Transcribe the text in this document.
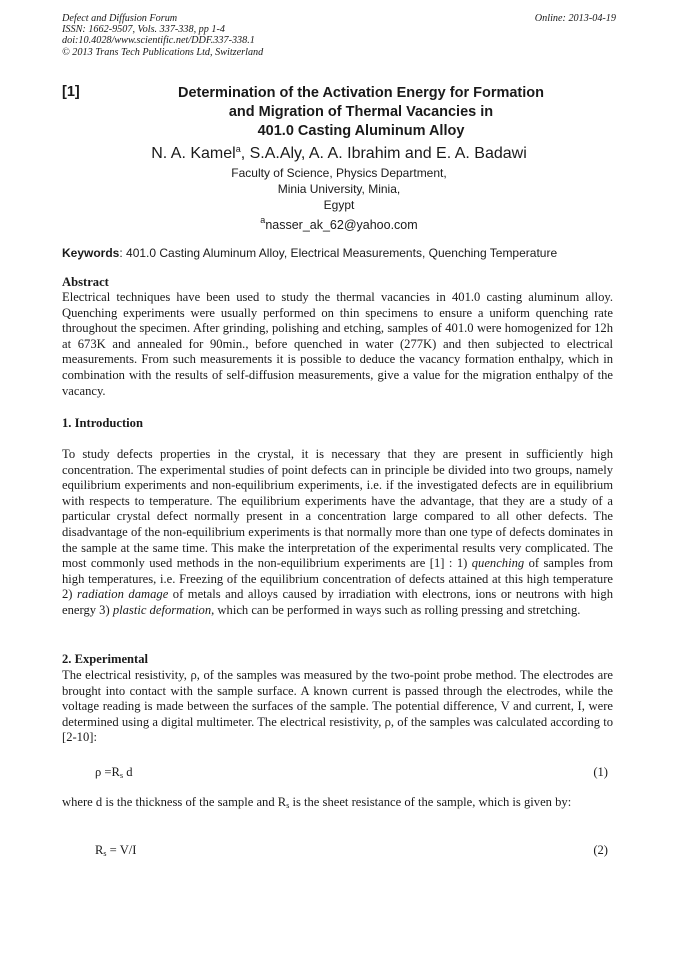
Defect and Diffusion Forum
ISSN: 1662-9507, Vols. 337-338, pp 1-4
doi:10.4028/www.scientific.net/DDF.337-338.1
© 2013 Trans Tech Publications Ltd, Switzerland
Online: 2013-04-19
[1]	Determination of the Activation Energy for Formation
and Migration of Thermal Vacancies in
401.0 Casting Aluminum Alloy
N. A. Kamel$^a$, S.A.Aly, A. A. Ibrahim and E. A. Badawi
Faculty of Science, Physics Department,
Minia University, Minia,
Egypt
$^a$nasser_ak_62@yahoo.com
Keywords: 401.0 Casting Aluminum Alloy, Electrical Measurements, Quenching Temperature
Abstract
Electrical techniques have been used to study the thermal vacancies in 401.0 casting aluminum alloy. Quenching experiments were usually performed on thin specimens to ensure a uniform quenching rate throughout the specimen. After grinding, polishing and etching, samples of 401.0 were homogenized for 12h at 673K and annealed for 90min., before quenched in water (277K) and then subjected to electrical measurements. From such measurements it is possible to deduce the vacancy formation enthalpy, which in combination with the results of self-diffusion measurements, give a value for the migration enthalpy of the vacancy.
1. Introduction
To study defects properties in the crystal, it is necessary that they are present in sufficiently high concentration. The experimental studies of point defects can in principle be divided into two groups, namely equilibrium experiments and non-equilibrium experiments, i.e. if the investigated defects are in equilibrium with respects to temperature. The equilibrium experiments have the advantage, that they are a study of a particular crystal defect normally present in a concentration large compared to all other defects. The disadvantage of the non-equilibrium experiments is that normally more than one type of defects dominates in the sample at the same time. This make the interpretation of the experimental results very complicated. The most commonly used methods in the non-equilibrium experiments are [1] : 1) quenching of samples from high temperatures, i.e. Freezing of the equilibrium concentration of defects attained at this high temperature 2) radiation damage of metals and alloys caused by irradiation with electrons, ions or neutrons with high energy 3) plastic deformation, which can be performed in ways such as rolling pressing and stretching.
2. Experimental
The electrical resistivity, ρ, of the samples was measured by the two-point probe method. The electrodes are brought into contact with the sample surface. A known current is passed through the electrodes, while the voltage reading is made between the surfaces of the sample. The potential difference, V and current, I, were determined using a digital multimeter. The electrical resistivity, ρ, of the samples was calculated according to [2-10]:
$\rho =R_s$ d	(1)
where d is the thickness of the sample and $R_s$ is the sheet resistance of the sample, which is given by:
$R_s = V/I$	(2)
